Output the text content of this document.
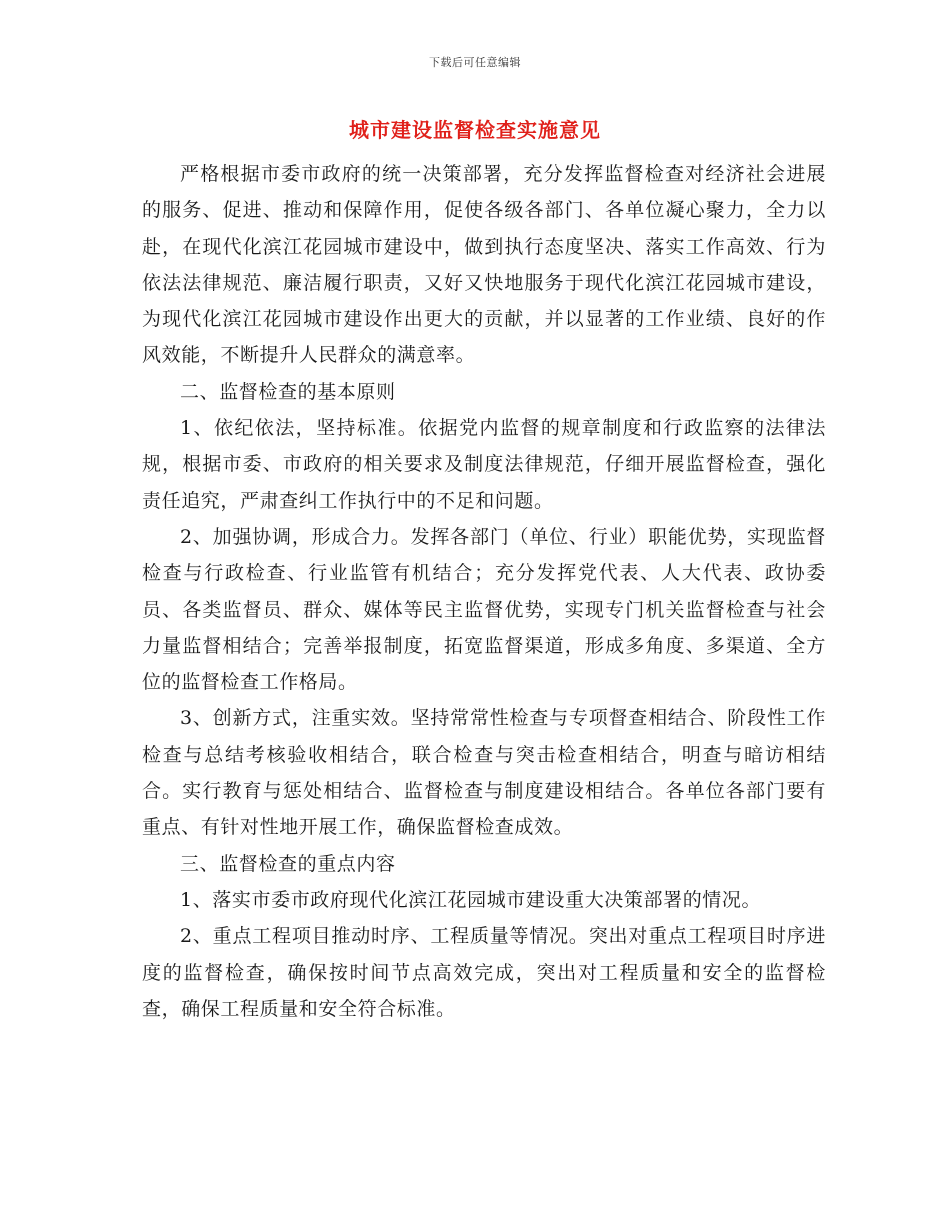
下载后可任意编辑
城市建设监督检查实施意见

严格根据市委市政府的统一决策部署，充分发挥监督检查对经济社会进展的服务、促进、推动和保障作用，促使各级各部门、各单位凝心聚力，全力以赴，在现代化滨江花园城市建设中，做到执行态度坚决、落实工作高效、行为依法法律规范、廉洁履行职责，又好又快地服务于现代化滨江花园城市建设，为现代化滨江花园城市建设作出更大的贡献，并以显著的工作业绩、良好的作风效能，不断提升人民群众的满意率。

二、监督检查的基本原则

1、依纪依法，坚持标准。依据党内监督的规章制度和行政监察的法律法规，根据市委、市政府的相关要求及制度法律规范，仔细开展监督检查，强化责任追究，严肃查纠工作执行中的不足和问题。

2、加强协调，形成合力。发挥各部门（单位、行业）职能优势，实现监督检查与行政检查、行业监管有机结合；充分发挥党代表、人大代表、政协委员、各类监督员、群众、媒体等民主监督优势，实现专门机关监督检查与社会力量监督相结合；完善举报制度，拓宽监督渠道，形成多角度、多渠道、全方位的监督检查工作格局。

3、创新方式，注重实效。坚持常常性检查与专项督查相结合、阶段性工作检查与总结考核验收相结合，联合检查与突击检查相结合，明查与暗访相结合。实行教育与惩处相结合、监督检查与制度建设相结合。各单位各部门要有重点、有针对性地开展工作，确保监督检查成效。

三、监督检查的重点内容

1、落实市委市政府现代化滨江花园城市建设重大决策部署的情况。

2、重点工程项目推动时序、工程质量等情况。突出对重点工程项目时序进度的监督检查，确保按时间节点高效完成，突出对工程质量和安全的监督检查，确保工程质量和安全符合标准。
